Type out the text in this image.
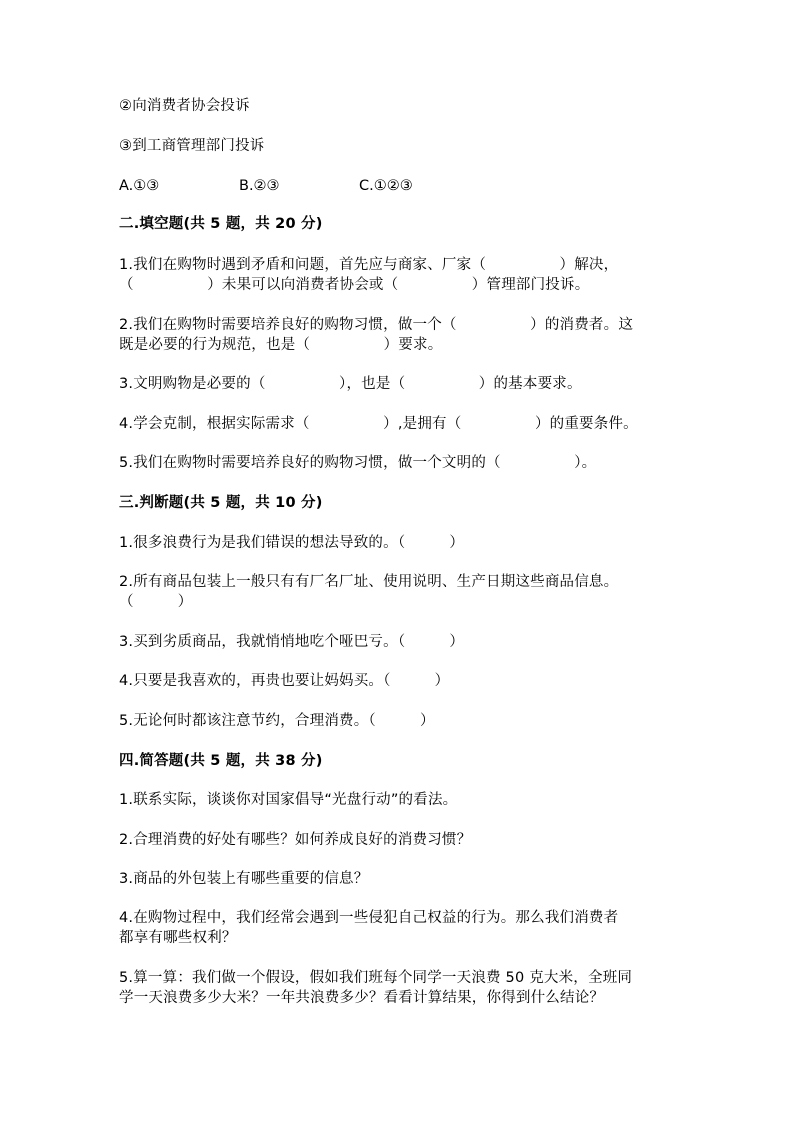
②向消费者协会投诉
③到工商管理部门投诉
A.①③	B.②③	C.①②③
二.填空题(共 5 题，共 20 分)
1.我们在购物时遇到矛盾和问题，首先应与商家、厂家（　　　　　）解决，
（　　　　　）未果可以向消费者协会或（　　　　　）管理部门投诉。
2.我们在购物时需要培养良好的购物习惯，做一个（　　　　　）的消费者。这
既是必要的行为规范，也是（　　　　　）要求。
3.文明购物是必要的（　　　　　），也是（　　　　　）的基本要求。
4.学会克制，根据实际需求（　　　　　）,是拥有（　　　　　）的重要条件。
5.我们在购物时需要培养良好的购物习惯，做一个文明的（　　　　　）。
三.判断题(共 5 题，共 10 分)
1.很多浪费行为是我们错误的想法导致的。（　　　）
2.所有商品包装上一般只有有厂名厂址、使用说明、生产日期这些商品信息。
（　　　）
3.买到劣质商品，我就悄悄地吃个哑巴亏。（　　　）
4.只要是我喜欢的，再贵也要让妈妈买。（　　　）
5.无论何时都该注意节约，合理消费。（　　　）
四.简答题(共 5 题，共 38 分)
1.联系实际，谈谈你对国家倡导“光盘行动”的看法。
2.合理消费的好处有哪些？如何养成良好的消费习惯？
3.商品的外包装上有哪些重要的信息？
4.在购物过程中，我们经常会遇到一些侵犯自己权益的行为。那么我们消费者
都享有哪些权利？
5.算一算：我们做一个假设，假如我们班每个同学一天浪费 50 克大米，全班同
学一天浪费多少大米？一年共浪费多少？看看计算结果，你得到什么结论？
